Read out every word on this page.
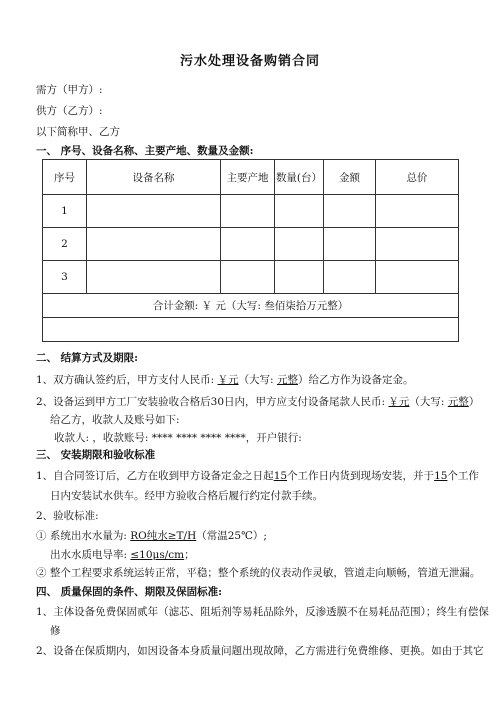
污水处理设备购销合同
需方（甲方）:
供方（乙方）:
以下简称甲、乙方
一、 序号、设备名称、主要产地、数量及金额:
序号	设备名称	主要产地	数量(台）	金额	总价
1					
2					
3					
合计金额: ￥ 元（大写: 叁佰柒拾万元整）					

二、 结算方式及期限:
1、双方确认签约后，甲方支付人民币: ￥元（大写: 元整）给乙方作为设备定金。
2、设备运到甲方工厂安装验收合格后30日内，甲方应支付设备尾款人民币: ￥元（大写: 元整）
给乙方，收款人及账号如下:
收款人: ，收款账号: **** **** **** ****，开户银行:
三、 安装期限和验收标准
1、自合同签订后，乙方在收到甲方设备定金之日起15个工作日内货到现场安装，并于15个工作
日内安装试水供车。经甲方验收合格后履行约定付款手续。
2、验收标准:
① 系统出水水量为: RO纯水≥T/H（常温25℃）;
出水水质电导率: ≤10μs/cm；
② 整个工程要求系统运转正常，平稳；整个系统的仪表动作灵敏，管道走向顺畅，管道无泄漏。
四、 质量保固的条件、期限及保固标准:
1、主体设备免费保固贰年（滤芯、阻垢剂等易耗品除外，反渗透膜不在易耗品范围）；终生有偿保
修
2、设备在保质期内，如因设备本身质量问题出现故障，乙方需进行免费维修、更换。如由于其它
